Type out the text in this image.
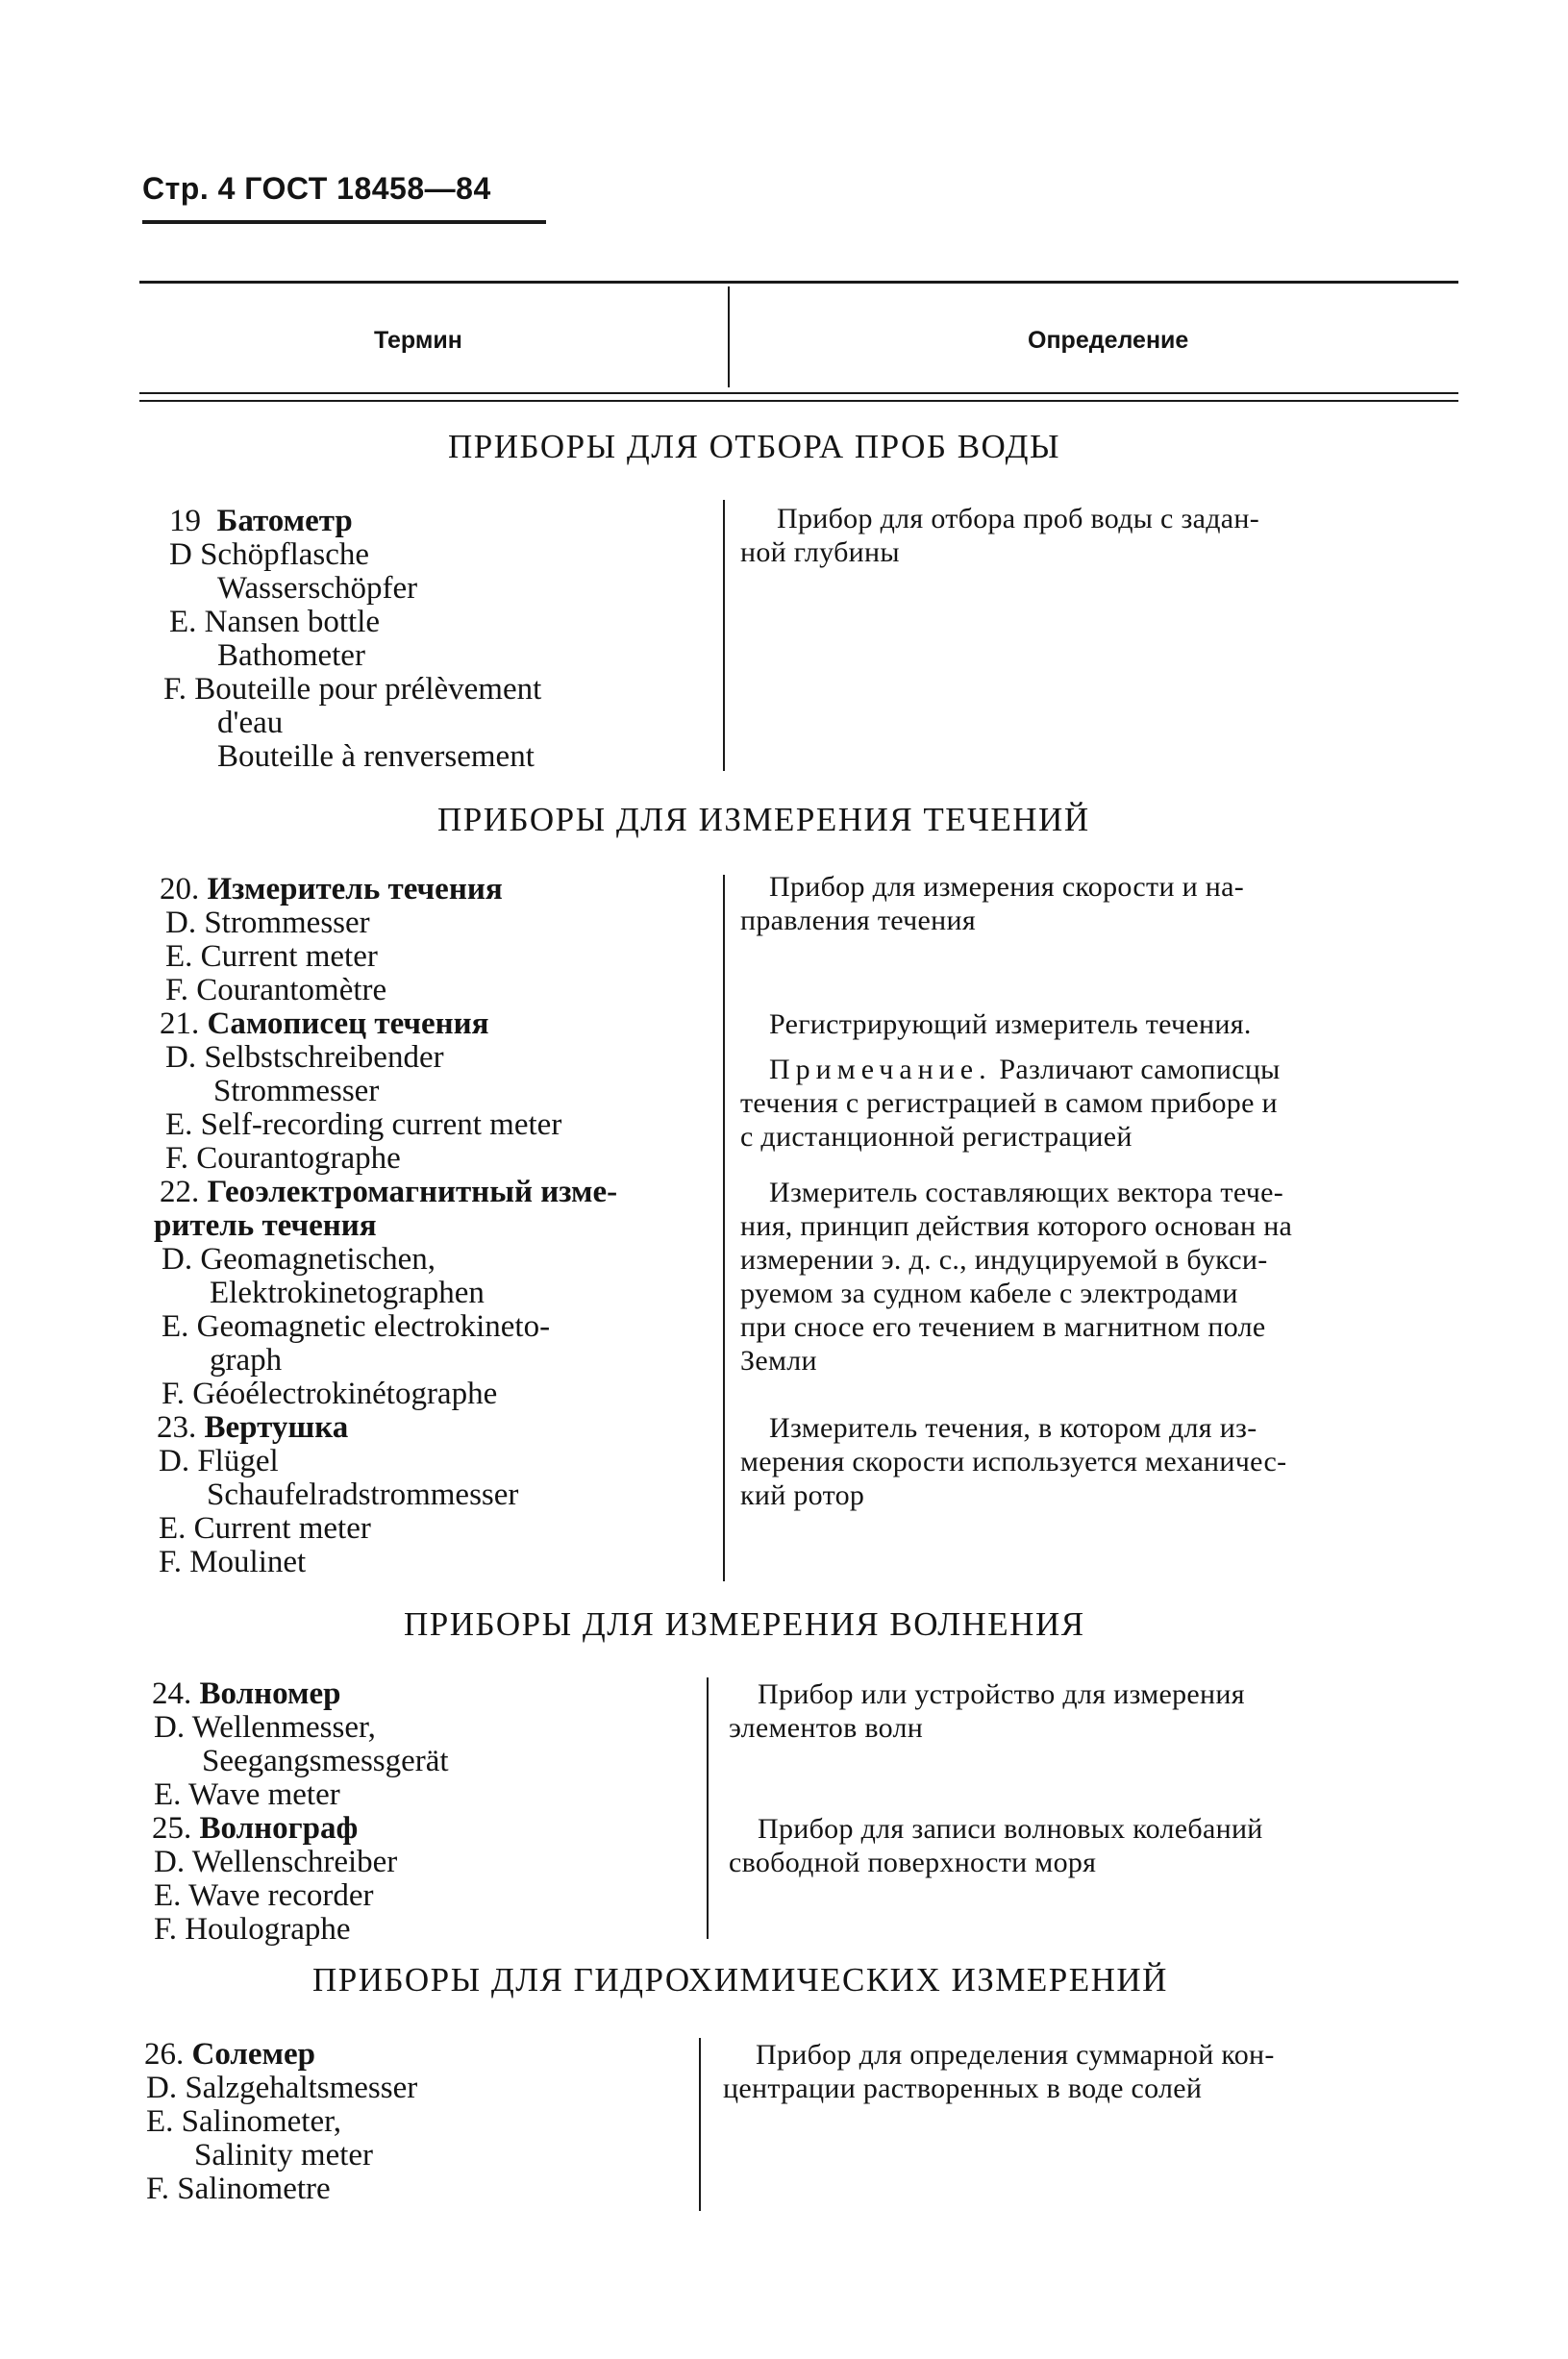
Стр. 4 ГОСТ 18458—84
Термин	Определение
ПРИБОРЫ ДЛЯ ОТБОРА ПРОБ ВОДЫ
19 Батометр
D Schöpflasche
Wasserschöpfer
E. Nansen bottle
Bathometer
F. Bouteille pour prélèvement
d'eau
Bouteille à renversement
Прибор для отбора проб воды с задан-
ной глубины
ПРИБОРЫ ДЛЯ ИЗМЕРЕНИЯ ТЕЧЕНИЙ
20. Измеритель течения
D. Strommesser
E. Current meter
F. Courantomètre
Прибор для измерения скорости и на-
правления течения
21. Самописец течения
D. Selbstschreibender
Strommesser
E. Self-recording current meter
F. Courantographe
Регистрирующий измеритель течения.
Примечание. Различают самописцы
течения с регистрацией в самом приборе и
с дистанционной регистрацией
22. Геоэлектромагнитный изме-
ритель течения
D. Geomagnetischen,
Elektrokinetographen
E. Geomagnetic electrokineto-
graph
F. Géoélectrokinétographe
Измеритель составляющих вектора тече-
ния, принцип действия которого основан на
измерении э. д. с., индуцируемой в букси-
руемом за судном кабеле с электродами
при сносе его течением в магнитном поле
Земли
23. Вертушка
D. Flügel
Schaufelradstrommesser
E. Current meter
F. Moulinet
Измеритель течения, в котором для из-
мерения скорости используется механичес-
кий ротор
ПРИБОРЫ ДЛЯ ИЗМЕРЕНИЯ ВОЛНЕНИЯ
24. Волномер
D. Wellenmesser,
Seegangsmessgerät
E. Wave meter
Прибор или устройство для измерения
элементов волн
25. Волнограф
D. Wellenschreiber
E. Wave recorder
F. Houlographe
Прибор для записи волновых колебаний
свободной поверхности моря
ПРИБОРЫ ДЛЯ ГИДРОХИМИЧЕСКИХ ИЗМЕРЕНИЙ
26. Солемер
D. Salzgehaltsmesser
E. Salinometer,
Salinity meter
F. Salinometre
Прибор для определения суммарной кон-
центрации растворенных в воде солей
